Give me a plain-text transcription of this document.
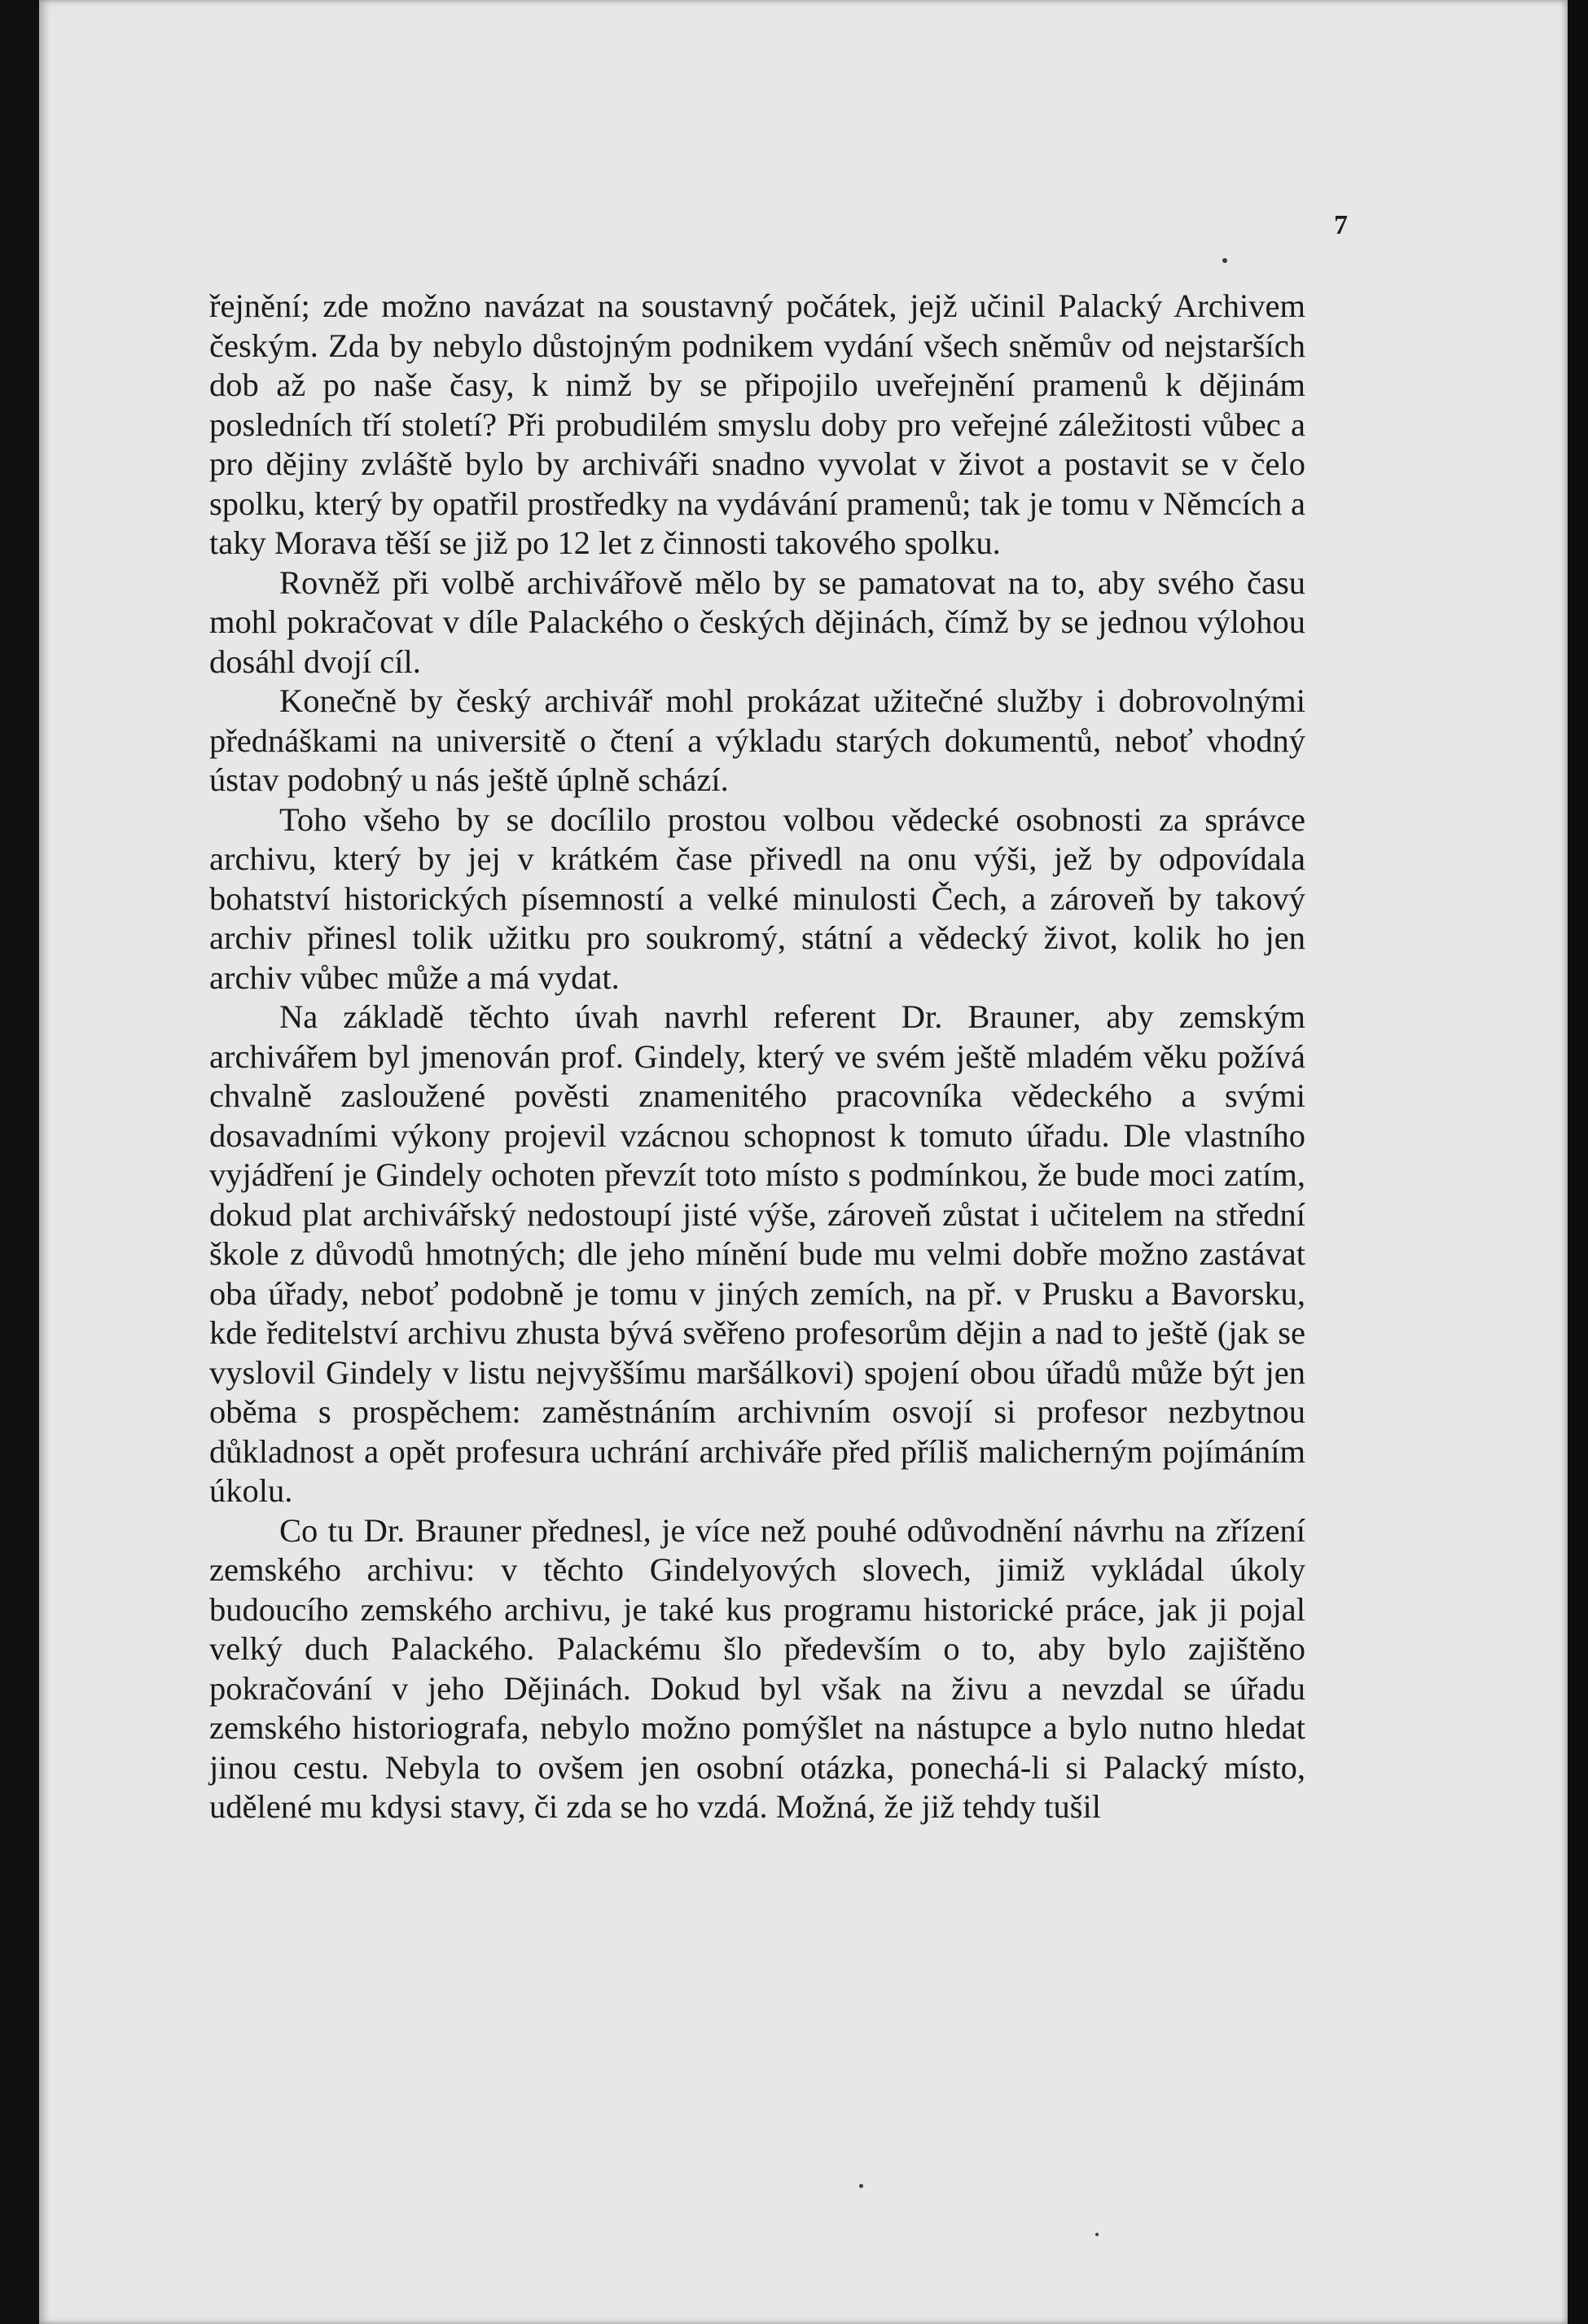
7

řejnění; zde možno navázat na soustavný počátek, jejž učinil Palacký Archivem českým. Zda by nebylo důstojným podnikem vydání všech sněmův od nejstarších dob až po naše časy, k nimž by se připojilo uveřejnění pramenů k dějinám posledních tří století? Při probudilém smyslu doby pro veřejné záležitosti vůbec a pro dějiny zvláště bylo by archiváři snadno vyvolat v život a postavit se v čelo spolku, který by opatřil prostředky na vydávání pramenů; tak je tomu v Němcích a taky Morava těší se již po 12 let z činnosti takového spolku.

Rovněž při volbě archivářově mělo by se pamatovat na to, aby svého času mohl pokračovat v díle Palackého o českých dějinách, čímž by se jednou výlohou dosáhl dvojí cíl.

Konečně by český archivář mohl prokázat užitečné služby i dobrovolnými přednáškami na universitě o čtení a výkladu starých dokumentů, neboť vhodný ústav podobný u nás ještě úplně schází.

Toho všeho by se docílilo prostou volbou vědecké osobnosti za správce archivu, který by jej v krátkém čase přivedl na onu výši, jež by odpovídala bohatství historických písemností a velké minulosti Čech, a zároveň by takový archiv přinesl tolik užitku pro soukromý, státní a vědecký život, kolik ho jen archiv vůbec může a má vydat.

Na základě těchto úvah navrhl referent Dr. Brauner, aby zemským archivářem byl jmenován prof. Gindely, který ve svém ještě mladém věku požívá chvalně zasloužené pověsti znamenitého pracovníka vědeckého a svými dosavadními výkony projevil vzácnou schopnost k tomuto úřadu. Dle vlastního vyjádření je Gindely ochoten převzít toto místo s podmínkou, že bude moci zatím, dokud plat archivářský nedostoupí jisté výše, zároveň zůstat i učitelem na střední škole z důvodů hmotných; dle jeho mínění bude mu velmi dobře možno zastávat oba úřady, neboť podobně je tomu v jiných zemích, na př. v Prusku a Bavorsku, kde ředitelství archivu zhusta bývá svěřeno profesorům dějin a nad to ještě (jak se vyslovil Gindely v listu nejvyššímu maršálkovi) spojení obou úřadů může být jen oběma s prospěchem: zaměstnáním archivním osvojí si profesor nezbytnou důkladnost a opět profesura uchrání archiváře před příliš malicherným pojímáním úkolu.

Co tu Dr. Brauner přednesl, je více než pouhé odůvodnění návrhu na zřízení zemského archivu: v těchto Gindelyových slovech, jimiž vykládal úkoly budoucího zemského archivu, je také kus programu historické práce, jak ji pojal velký duch Palackého. Palackému šlo především o to, aby bylo zajištěno pokračování v jeho Dějinách. Dokud byl však na živu a nevzdal se úřadu zemského historiografa, nebylo možno pomýšlet na nástupce a bylo nutno hledat jinou cestu. Nebyla to ovšem jen osobní otázka, ponechá-li si Palacký místo, udělené mu kdysi stavy, či zda se ho vzdá. Možná, že již tehdy tušil
